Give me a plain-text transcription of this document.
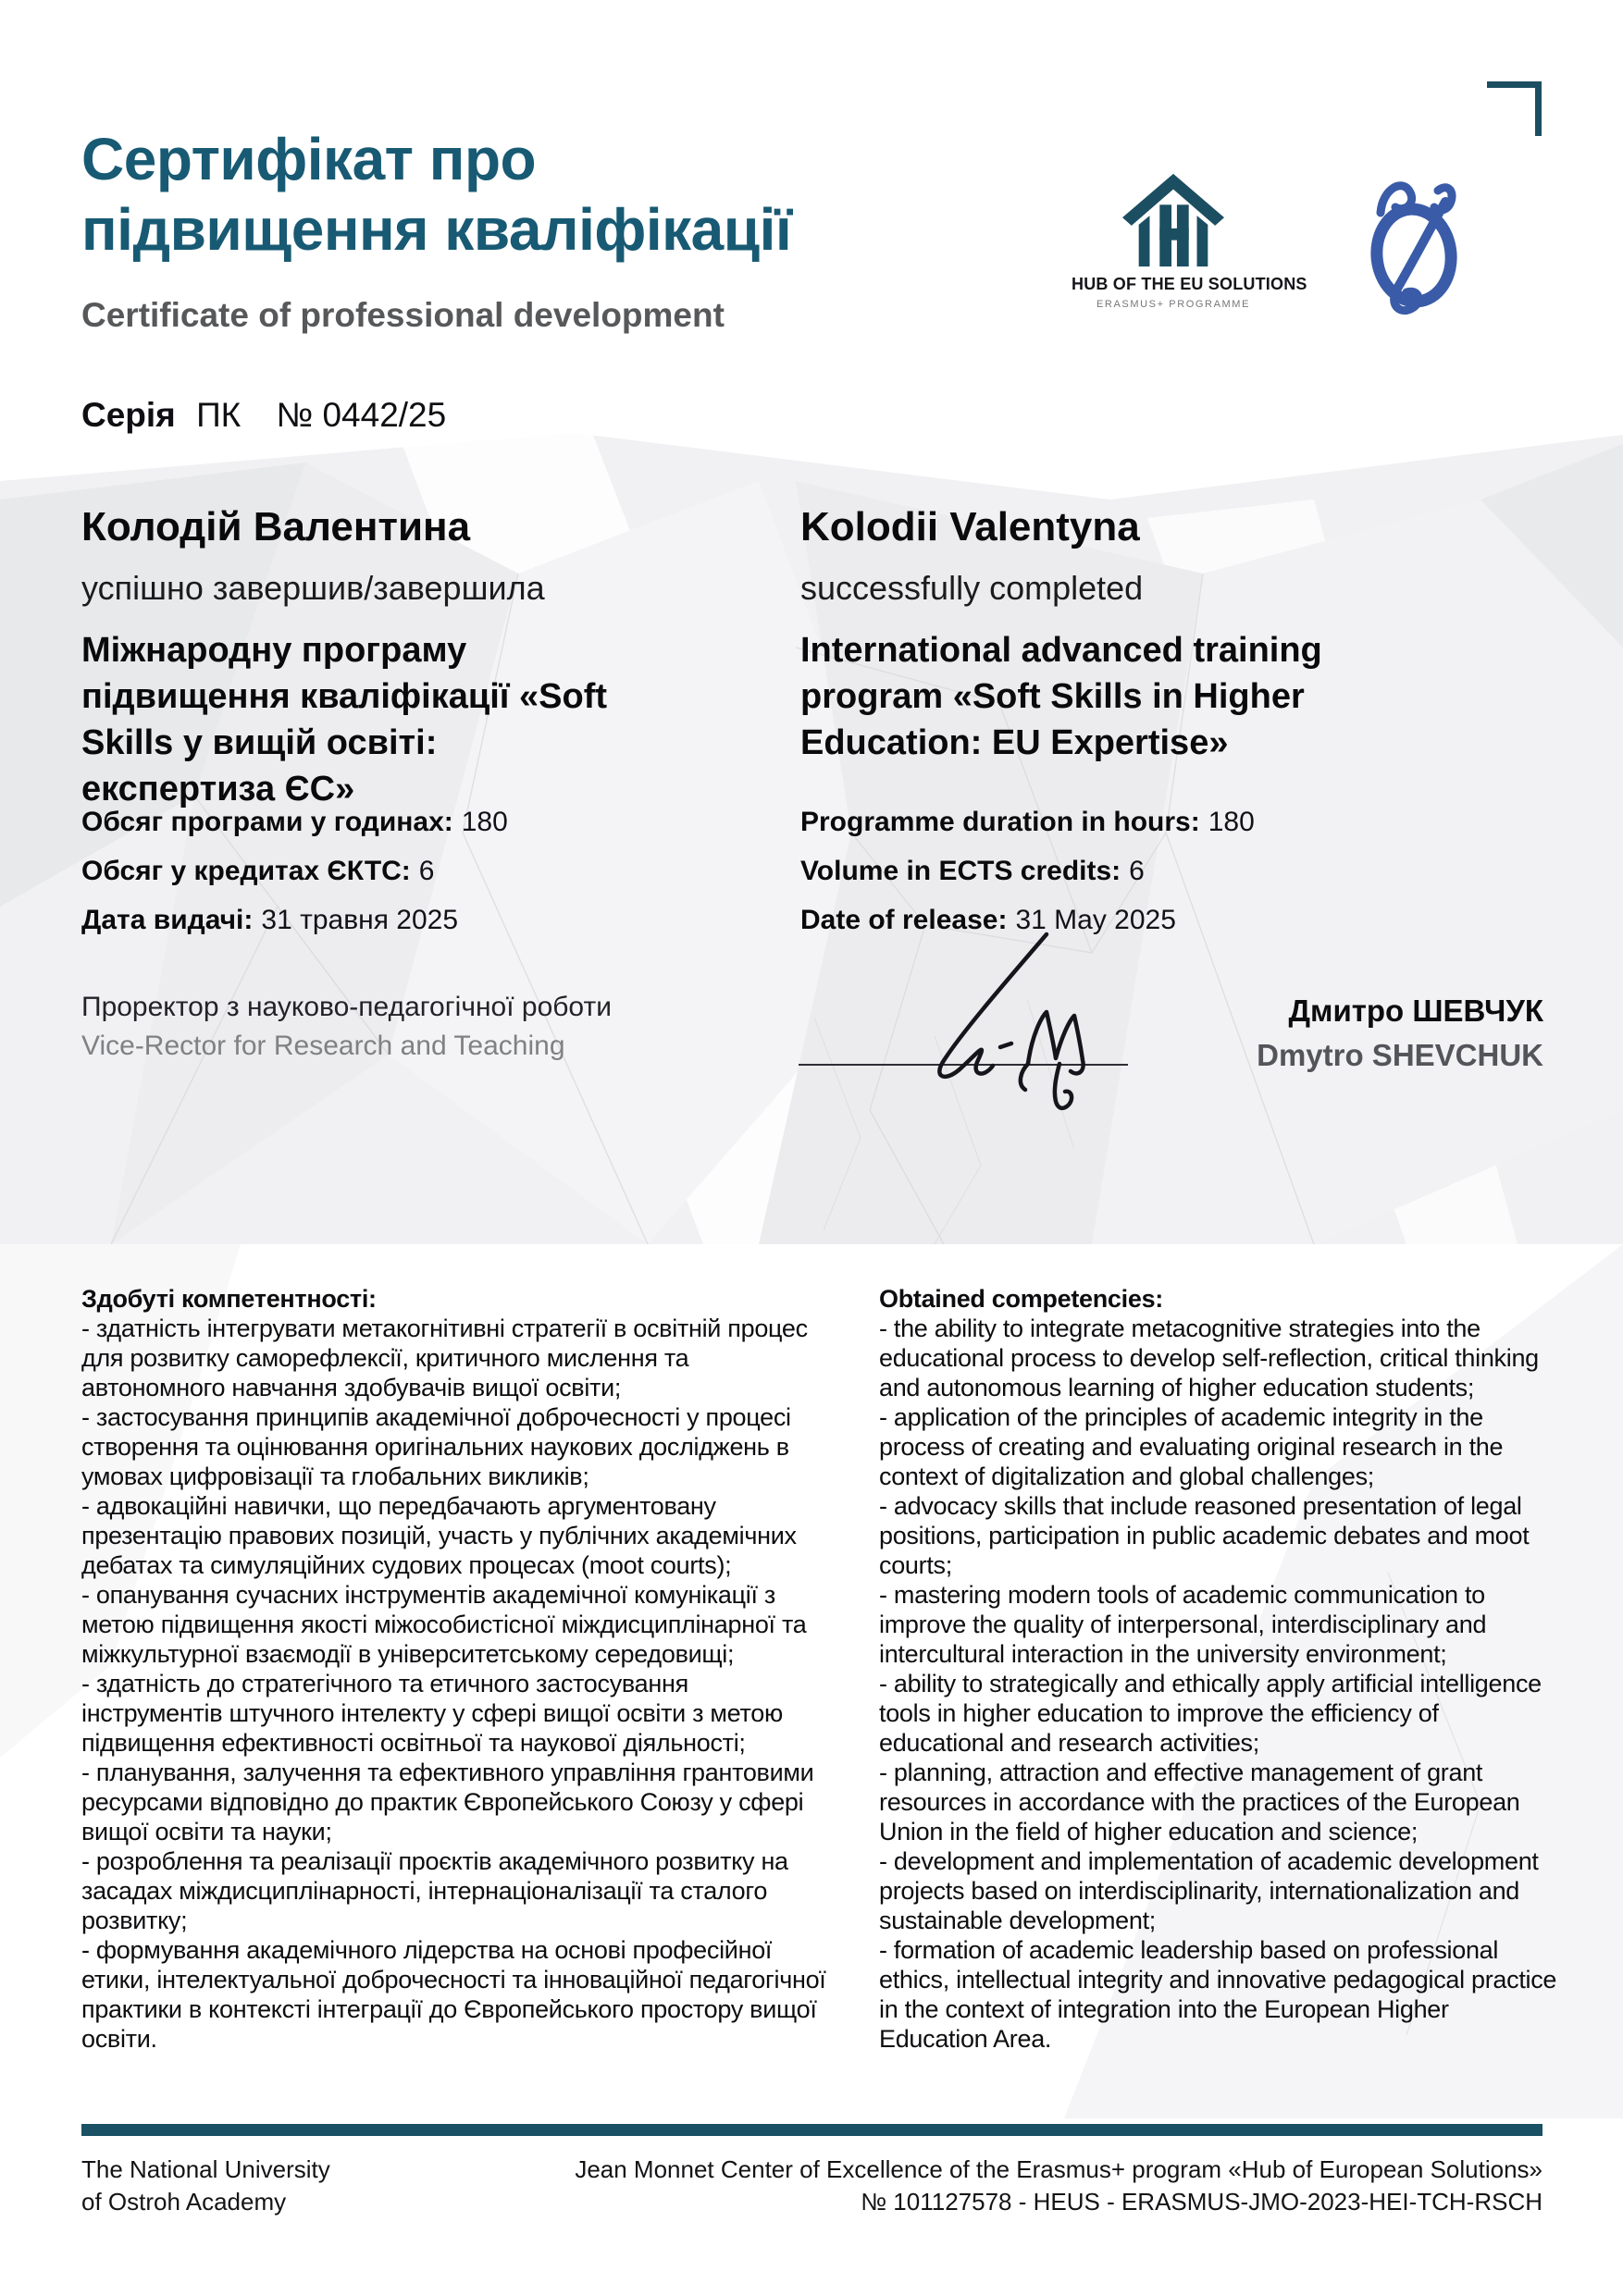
Сертифікат про
підвищення кваліфікації
Certificate of professional development
Серія ПК № 0442/25
HUB OF THE EU SOLUTIONS
ERASMUS+ PROGRAMME
Колодій Валентина	Kolodii Valentyna
успішно завершив/завершила	successfully completed
Міжнародну програму підвищення кваліфікації «Soft Skills у вищій освіті: експертиза ЄС»
International advanced training program «Soft Skills in Higher Education: EU Expertise»
Обсяг програми у годинах: 180
Обсяг у кредитах ЄКТС: 6
Дата видачі: 31 травня 2025
Programme duration in hours: 180
Volume in ECTS credits: 6
Date of release: 31 May 2025
Проректор з науково-педагогічної роботи
Vice-Rector for Research and Teaching
Дмитро ШЕВЧУК
Dmytro SHEVCHUK
Здобуті компетентності:
- здатність інтегрувати метакогнітивні стратегії в освітній процес для розвитку саморефлексії, критичного мислення та автономного навчання здобувачів вищої освіти;
- застосування принципів академічної доброчесності у процесі створення та оцінювання оригінальних наукових досліджень в умовах цифровізації та глобальних викликів;
- адвокаційні навички, що передбачають аргументовану презентацію правових позицій, участь у публічних академічних дебатах та симуляційних судових процесах (moot courts);
- опанування сучасних інструментів академічної комунікації з метою підвищення якості міжособистісної міждисциплінарної та міжкультурної взаємодії в університетському середовищі;
- здатність до стратегічного та етичного застосування інструментів штучного інтелекту у сфері вищої освіти з метою підвищення ефективності освітньої та наукової діяльності;
- планування, залучення та ефективного управління грантовими ресурсами відповідно до практик Європейського Союзу у сфері вищої освіти та науки;
- розроблення та реалізації проєктів академічного розвитку на засадах міждисциплінарності, інтернаціоналізації та сталого розвитку;
- формування академічного лідерства на основі професійної етики, інтелектуальної доброчесності та інноваційної педагогічної практики в контексті інтеграції до Європейського простору вищої освіти.
Obtained competencies:
- the ability to integrate metacognitive strategies into the educational process to develop self-reflection, critical thinking and autonomous learning of higher education students;
- application of the principles of academic integrity in the process of creating and evaluating original research in the context of digitalization and global challenges;
- advocacy skills that include reasoned presentation of legal positions, participation in public academic debates and moot courts;
- mastering modern tools of academic communication to improve the quality of interpersonal, interdisciplinary and intercultural interaction in the university environment;
- ability to strategically and ethically apply artificial intelligence tools in higher education to improve the efficiency of educational and research activities;
- planning, attraction and effective management of grant resources in accordance with the practices of the European Union in the field of higher education and science;
- development and implementation of academic development projects based on interdisciplinarity, internationalization and sustainable development;
- formation of academic leadership based on professional ethics, intellectual integrity and innovative pedagogical practice in the context of integration into the European Higher Education Area.
The National University
of Ostroh Academy
Jean Monnet Center of Excellence of the Erasmus+ program «Hub of European Solutions»
№ 101127578 - HEUS - ERASMUS-JMO-2023-HEI-TCH-RSCH
